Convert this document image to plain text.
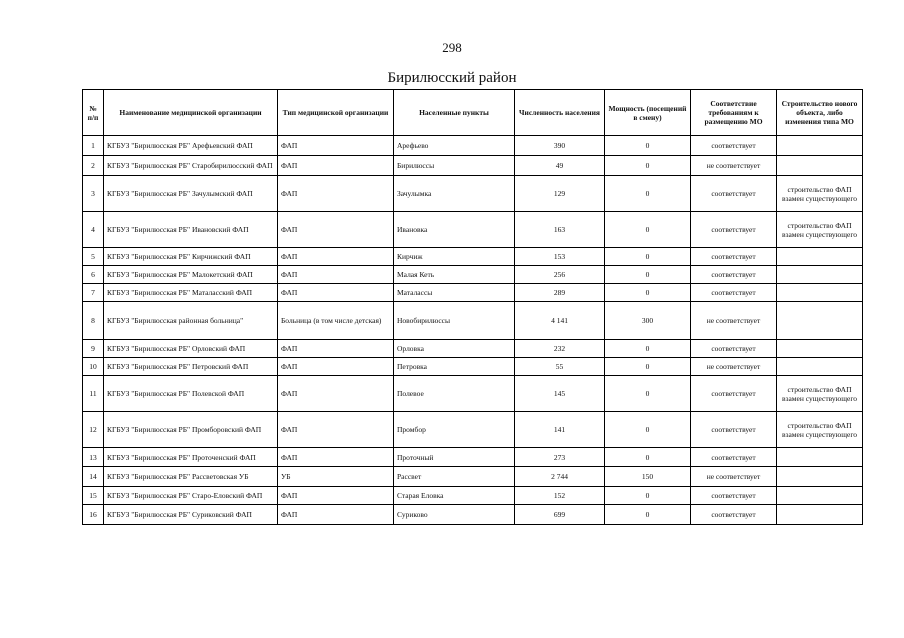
298
Бирилюсский район
№ п/п	Наименование медицинской организации	Тип медицинской организации	Населенные пункты	Численность населения	Мощность (посещений в смену)	Соответствие требованиям к размещению МО	Строительство нового объекта, либо изменения типа МО
1	КГБУЗ "Бирилюсская РБ" Арефьевский ФАП	ФАП	Арефьево	390	0	соответствует	
2	КГБУЗ "Бирилюсская РБ" Старобирилюсский ФАП	ФАП	Бирилюссы	49	0	не соответствует	
3	КГБУЗ "Бирилюсская РБ" Зачулымский ФАП	ФАП	Зачулымка	129	0	соответствует	строительство ФАП взамен существующего
4	КГБУЗ "Бирилюсская РБ" Ивановский ФАП	ФАП	Ивановка	163	0	соответствует	строительство ФАП взамен существующего
5	КГБУЗ "Бирилюсская РБ" Кирчижский ФАП	ФАП	Кирчиж	153	0	соответствует	
6	КГБУЗ "Бирилюсская РБ" Малокетский ФАП	ФАП	Малая Кеть	256	0	соответствует	
7	КГБУЗ "Бирилюсская РБ" Маталасский ФАП	ФАП	Маталассы	289	0	соответствует	
8	КГБУЗ "Бирилюсская районная больница"	Больница (в том числе детская)	Новобирилюссы	4 141	300	не соответствует	
9	КГБУЗ "Бирилюсская РБ" Орловский ФАП	ФАП	Орловка	232	0	соответствует	
10	КГБУЗ "Бирилюсская РБ" Петровский ФАП	ФАП	Петровка	55	0	не соответствует	
11	КГБУЗ "Бирилюсская РБ" Полевской ФАП	ФАП	Полевое	145	0	соответствует	строительство ФАП взамен существующего
12	КГБУЗ "Бирилюсская РБ" Промборовский ФАП	ФАП	Промбор	141	0	соответствует	строительство ФАП взамен существующего
13	КГБУЗ "Бирилюсская РБ" Проточенский ФАП	ФАП	Проточный	273	0	соответствует	
14	КГБУЗ "Бирилюсская РБ" Рассветовская УБ	УБ	Рассвет	2 744	150	не соответствует	
15	КГБУЗ "Бирилюсская РБ" Старо-Еловский ФАП	ФАП	Старая Еловка	152	0	соответствует	
16	КГБУЗ "Бирилюсская РБ" Суриковский ФАП	ФАП	Суриково	699	0	соответствует	
